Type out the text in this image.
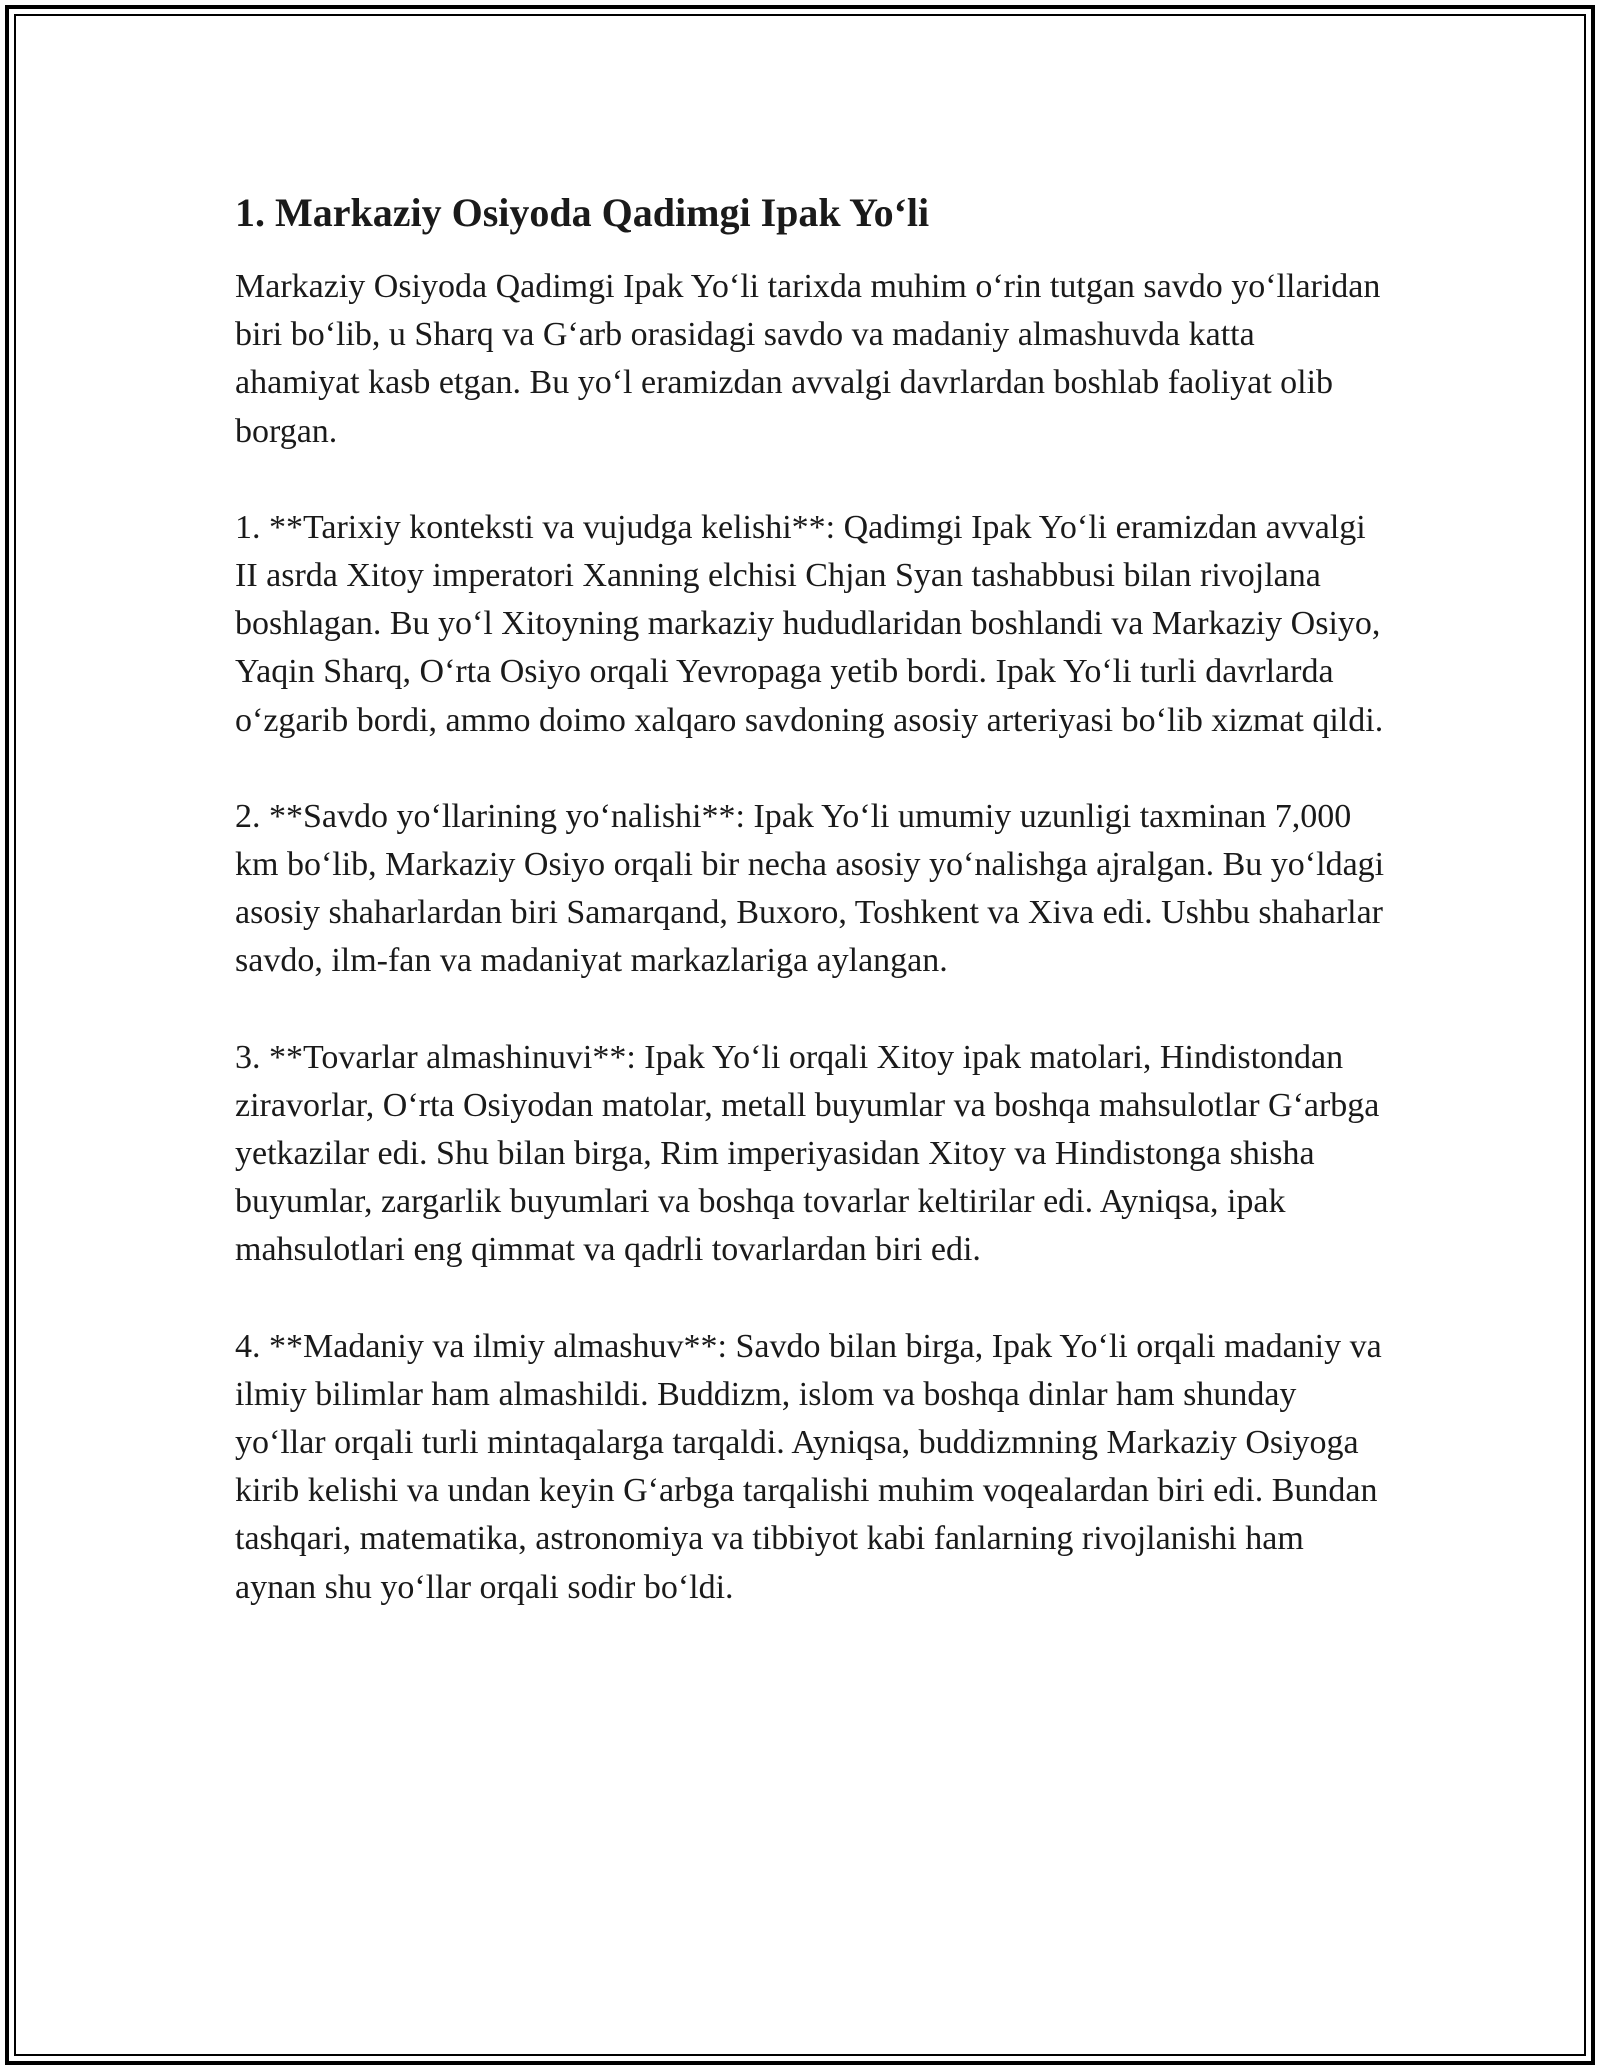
1. Markaziy Osiyoda Qadimgi Ipak Yo‘li

Markaziy Osiyoda Qadimgi Ipak Yo‘li tarixda muhim o‘rin tutgan savdo yo‘llaridan biri bo‘lib, u Sharq va G‘arb orasidagi savdo va madaniy almashuvda katta ahamiyat kasb etgan. Bu yo‘l eramizdan avvalgi davrlardan boshlab faoliyat olib borgan.

1. **Tarixiy konteksti va vujudga kelishi**: Qadimgi Ipak Yo‘li eramizdan avvalgi II asrda Xitoy imperatori Xanning elchisi Chjan Syan tashabbusi bilan rivojlana boshlagan. Bu yo‘l Xitoyning markaziy hududlaridan boshlandi va Markaziy Osiyo, Yaqin Sharq, O‘rta Osiyo orqali Yevropaga yetib bordi. Ipak Yo‘li turli davrlarda o‘zgarib bordi, ammo doimo xalqaro savdoning asosiy arteriyasi bo‘lib xizmat qildi.

2. **Savdo yo‘llarining yo‘nalishi**: Ipak Yo‘li umumiy uzunligi taxminan 7,000 km bo‘lib, Markaziy Osiyo orqali bir necha asosiy yo‘nalishga ajralgan. Bu yo‘ldagi asosiy shaharlardan biri Samarqand, Buxoro, Toshkent va Xiva edi. Ushbu shaharlar savdo, ilm-fan va madaniyat markazlariga aylangan.

3. **Tovarlar almashinuvi**: Ipak Yo‘li orqali Xitoy ipak matolari, Hindistondan ziravorlar, O‘rta Osiyodan matolar, metall buyumlar va boshqa mahsulotlar G‘arbga yetkazilar edi. Shu bilan birga, Rim imperiyasidan Xitoy va Hindistonga shisha buyumlar, zargarlik buyumlari va boshqa tovarlar keltirilar edi. Ayniqsa, ipak mahsulotlari eng qimmat va qadrli tovarlardan biri edi.

4. **Madaniy va ilmiy almashuv**: Savdo bilan birga, Ipak Yo‘li orqali madaniy va ilmiy bilimlar ham almashildi. Buddizm, islom va boshqa dinlar ham shunday yo‘llar orqali turli mintaqalarga tarqaldi. Ayniqsa, buddizmning Markaziy Osiyoga kirib kelishi va undan keyin G‘arbga tarqalishi muhim voqealardan biri edi. Bundan tashqari, matematika, astronomiya va tibbiyot kabi fanlarning rivojlanishi ham aynan shu yo‘llar orqali sodir bo‘ldi.
